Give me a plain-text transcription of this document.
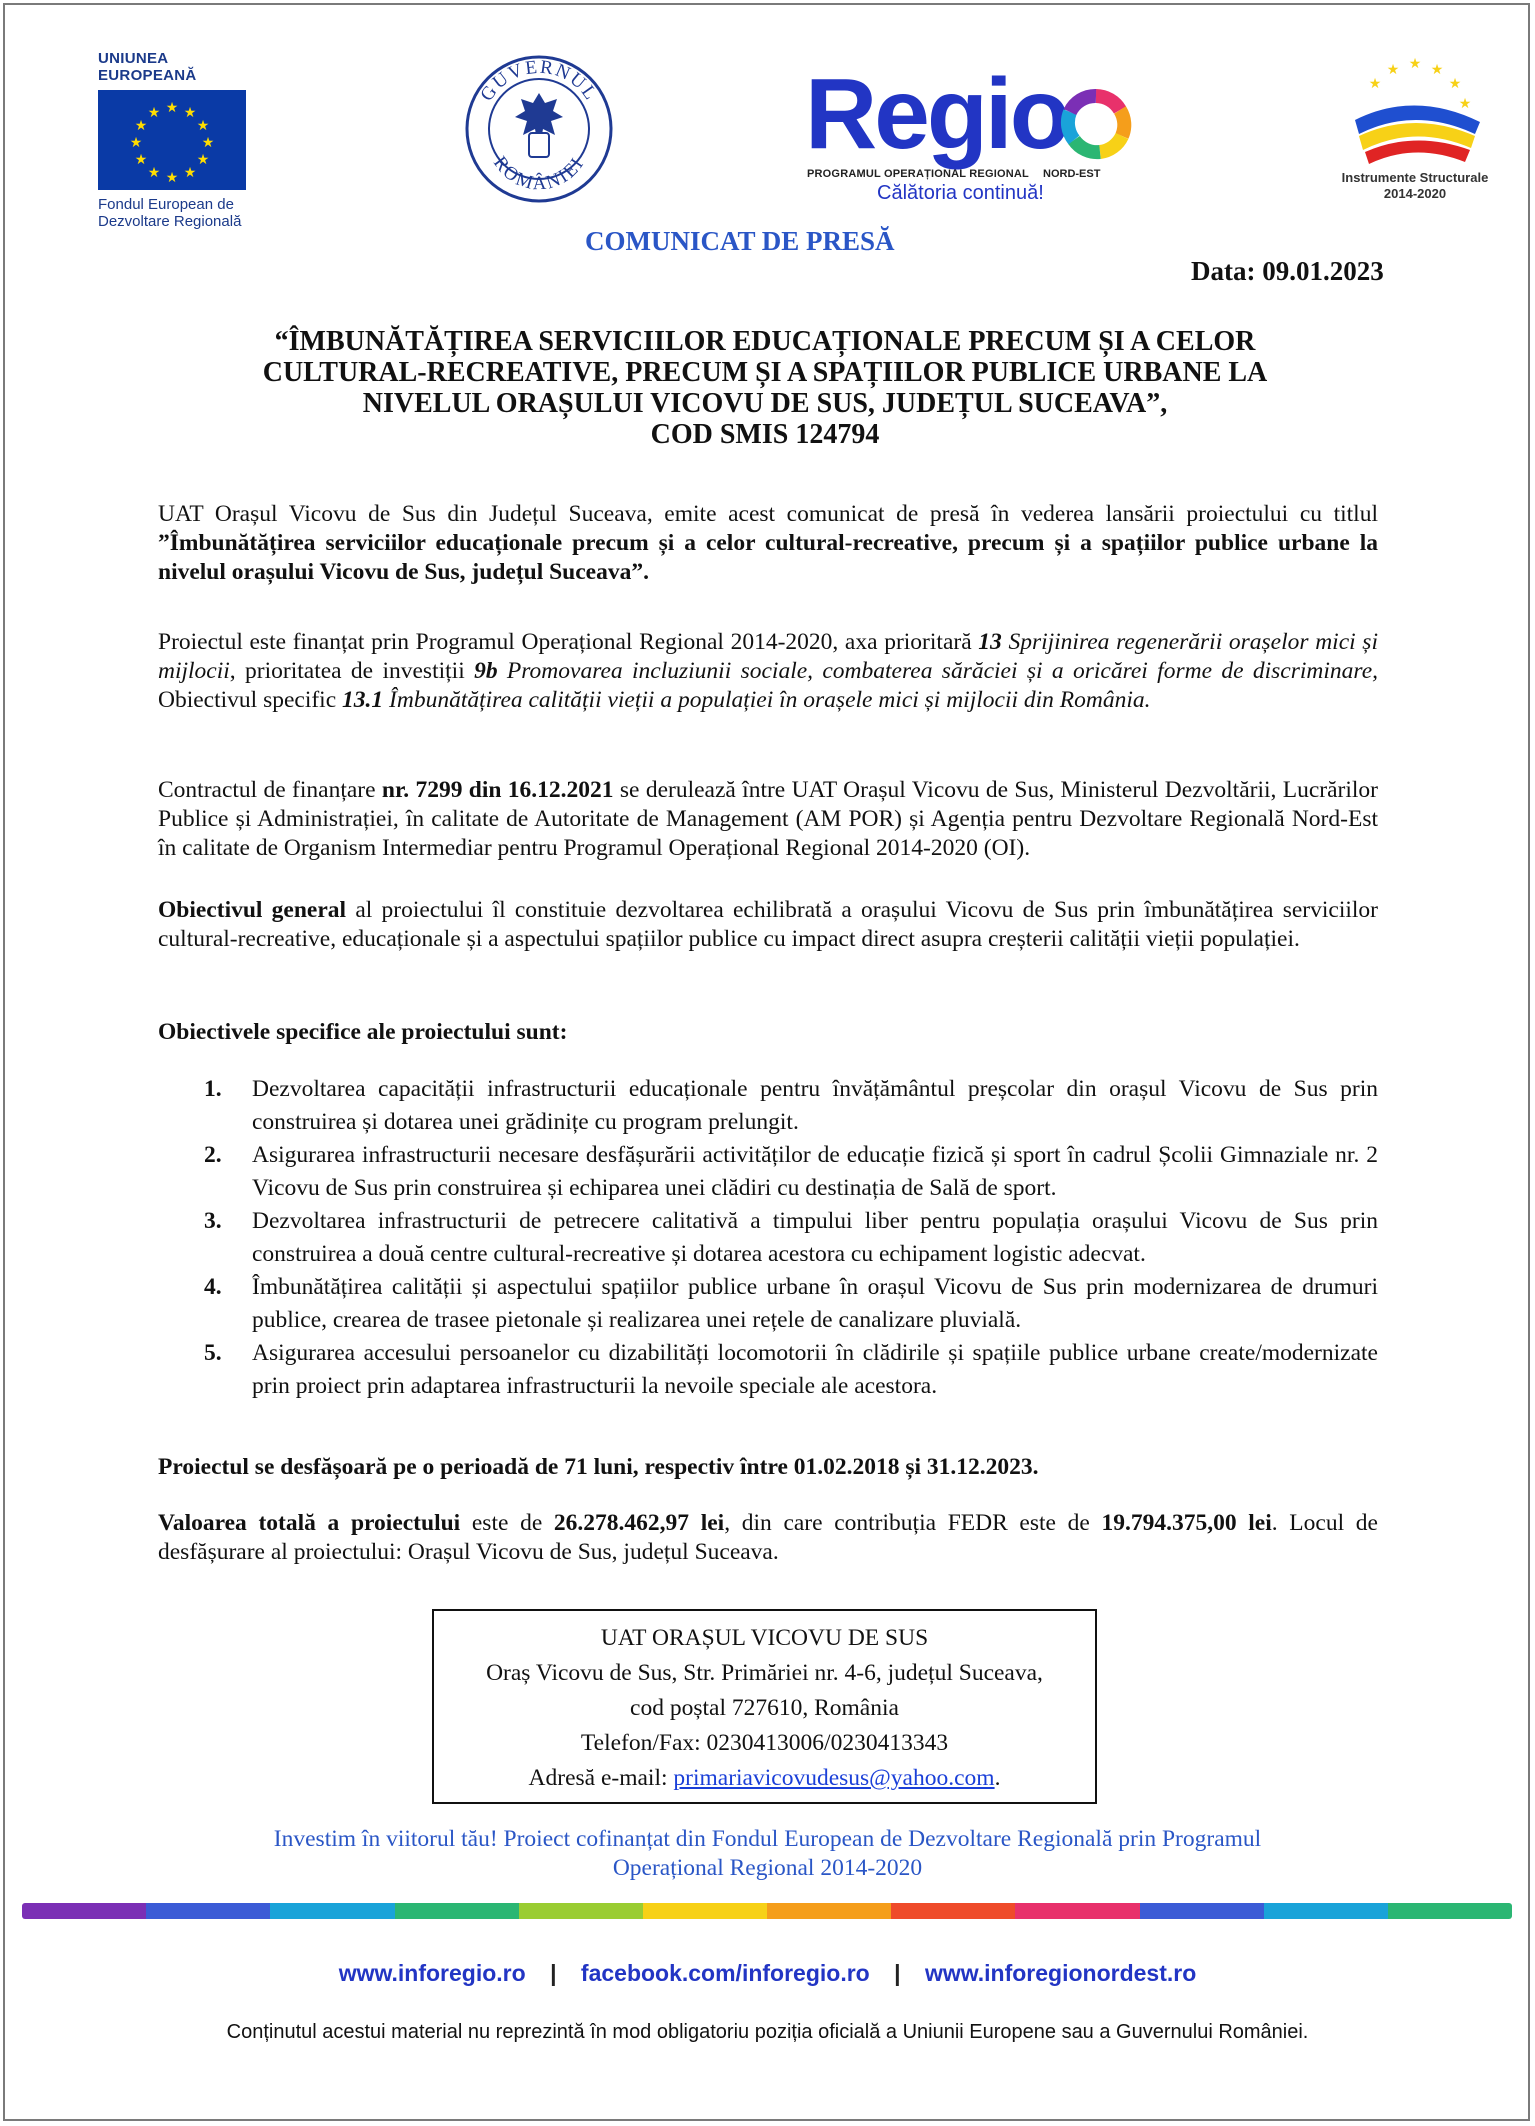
UNIUNEA EUROPEANĂ
★ ★
★
★
★
★
★
★
★
★
★
★
Fondul European de
Dezvoltare Regională
GUVERNUL
ROMÂNIEI Regio
PROGRAMUL OPERAȚIONAL REGIONAL NORD-EST
Călătoria continuă!
★ ★
★
★
★
★
Instrumente Structurale
2014-2020
COMUNICAT DE PRESĂ
Data: 09.01.2023
“ÎMBUNĂTĂȚIREA SERVICIILOR EDUCAȚIONALE PRECUM ȘI A CELOR
CULTURAL-RECREATIVE, PRECUM ȘI A SPAȚIILOR PUBLICE URBANE LA
NIVELUL ORAȘULUI VICOVU DE SUS, JUDEȚUL SUCEAVA”,
COD SMIS 124794
UAT Orașul Vicovu de Sus din Județul Suceava, emite acest comunicat de presă în vederea lansării proiectului cu titlul ”Îmbunătățirea serviciilor educaționale precum și a celor cultural-recreative, precum și a spațiilor publice urbane la nivelul orașului Vicovu de Sus, județul Suceava”.
Proiectul este finanțat prin Programul Operațional Regional 2014-2020, axa prioritară 13 Sprijinirea regenerării orașelor mici și mijlocii, prioritatea de investiții 9b Promovarea incluziunii sociale, combaterea sărăciei și a oricărei forme de discriminare, Obiectivul specific 13.1 Îmbunătățirea calității vieții a populației în orașele mici și mijlocii din România.
Contractul de finanțare nr. 7299 din 16.12.2021 se derulează între UAT Orașul Vicovu de Sus, Ministerul Dezvoltării, Lucrărilor Publice și Administrației, în calitate de Autoritate de Management (AM POR) și Agenția pentru Dezvoltare Regională Nord-Est în calitate de Organism Intermediar pentru Programul Operațional Regional 2014-2020 (OI).
Obiectivul general al proiectului îl constituie dezvoltarea echilibrată a orașului Vicovu de Sus prin îmbunătățirea serviciilor cultural-recreative, educaționale și a aspectului spațiilor publice cu impact direct asupra creșterii calității vieții populației.
Obiectivele specifice ale proiectului sunt:
1. Dezvoltarea capacității infrastructurii educaționale pentru învățământul preșcolar din orașul Vicovu de Sus prin construirea și dotarea unei grădinițe cu program prelungit.
2. Asigurarea infrastructurii necesare desfășurării activităților de educație fizică și sport în cadrul Școlii Gimnaziale nr. 2 Vicovu de Sus prin construirea și echiparea unei clădiri cu destinația de Sală de sport.
3. Dezvoltarea infrastructurii de petrecere calitativă a timpului liber pentru populația orașului Vicovu de Sus prin construirea a două centre cultural-recreative și dotarea acestora cu echipament logistic adecvat.
4. Îmbunătățirea calității și aspectului spațiilor publice urbane în orașul Vicovu de Sus prin modernizarea de drumuri publice, crearea de trasee pietonale și realizarea unei rețele de canalizare pluvială.
5. Asigurarea accesului persoanelor cu dizabilități locomotorii în clădirile și spațiile publice urbane create/modernizate prin proiect prin adaptarea infrastructurii la nevoile speciale ale acestora.
Proiectul se desfășoară pe o perioadă de 71 luni, respectiv între 01.02.2018 și 31.12.2023.
Valoarea totală a proiectului este de 26.278.462,97 lei, din care contribuția FEDR este de 19.794.375,00 lei. Locul de desfășurare al proiectului: Orașul Vicovu de Sus, județul Suceava.
UAT ORAȘUL VICOVU DE SUS
Oraș Vicovu de Sus, Str. Primăriei nr. 4-6, județul Suceava,
cod poștal 727610, România
Telefon/Fax: 0230413006/0230413343
Adresă e-mail: primariavicovudesus@yahoo.com.
Investim în viitorul tău! Proiect cofinanțat din Fondul European de Dezvoltare Regională prin Programul
Operațional Regional 2014-2020
www.inforegio.ro | facebook.com/inforegio.ro | www.inforegionordest.ro
Conținutul acestui material nu reprezintă în mod obligatoriu poziția oficială a Uniunii Europene sau a Guvernului României.
